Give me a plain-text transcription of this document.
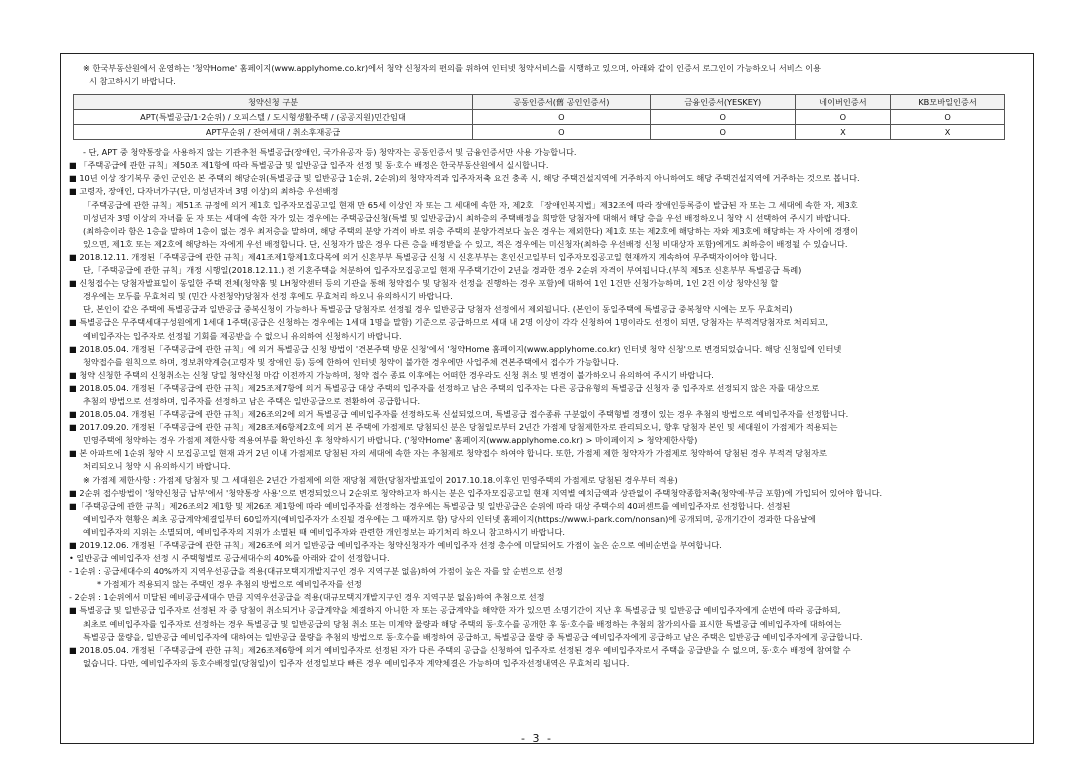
※ 한국부동산원에서 운영하는 '청약Home' 홈페이지(www.applyhome.co.kr)에서 청약 신청자의 편의를 위하여 인터넷 청약서비스를 시행하고 있으며, 아래와 같이 인증서 로그인이 가능하오니 서비스 이용
시 참고하시기 바랍니다.
청약신청 구분	공동인증서(舊 공인인증서)	금융인증서(YESKEY)	네이버인증서	KB모바일인증서
APT(특별공급/1·2순위) / 오피스텔 / 도시형생활주택 / (공공지원)민간임대	O	O	O	O
APT무순위 / 잔여세대 / 취소후재공급	O	O	X	X
- 단, APT 중 청약통장을 사용하지 않는 기관추천 특별공급(장애인, 국가유공자 등) 청약자는 공동인증서 및 금융인증서만 사용 가능합니다.
■ 「주택공급에 관한 규칙」제50조 제1항에 따라 특별공급 및 일반공급 입주자 선정 및 동·호수 배정은 한국부동산원에서 실시합니다.
■ 10년 이상 장기복무 중인 군인은 본 주택의 해당순위(특별공급 및 일반공급 1순위, 2순위)의 청약자격과 입주자저축 요건 충족 시, 해당 주택건설지역에 거주하지 아니하여도 해당 주택건설지역에 거주하는 것으로 봅니다.
■ 고령자, 장애인, 다자녀가구(단, 미성년자녀 3명 이상)의 최하층 우선배정
「주택공급에 관한 규칙」제51조 규정에 의거 제1호 입주자모집공고일 현재 만 65세 이상인 자 또는 그 세대에 속한 자, 제2호 「장애인복지법」제32조에 따라 장애인등록증이 발급된 자 또는 그 세대에 속한 자, 제3호
미성년자 3명 이상의 자녀를 둔 자 또는 세대에 속한 자가 있는 경우에는 주택공급신청(특별 및 일반공급)시 최하층의 주택배정을 희망한 당첨자에 대해서 해당 층을 우선 배정하오니 청약 시 선택하여 주시기 바랍니다.
(최하층이라 함은 1층을 말하며 1층이 없는 경우 최저층을 말하며, 해당 주택의 분양 가격이 바로 위층 주택의 분양가격보다 높은 경우는 제외한다) 제1호 또는 제2호에 해당하는 자와 제3호에 해당하는 자 사이에 경쟁이
있으면, 제1호 또는 제2호에 해당하는 자에게 우선 배정합니다. 단, 신청자가 많은 경우 다른 층을 배정받을 수 있고, 적은 경우에는 미신청자(최하층 우선배정 신청 비대상자 포함)에게도 최하층이 배정될 수 있습니다.
■ 2018.12.11. 개정된「주택공급에 관한 규칙」제41조제1항제1호다목에 의거 신혼부부 특별공급 신청 시 신혼부부는 혼인신고일부터 입주자모집공고일 현재까지 계속하여 무주택자이어야 합니다.
단,「주택공급에 관한 규칙」개정 시행일(2018.12.11.) 전 기혼주택을 처분하여 입주자모집공고일 현재 무주택기간이 2년을 경과한 경우 2순위 자격이 부여됩니다.(부칙 제5조 신혼부부 특별공급 특례)
■ 신청접수는 당첨자발표일이 동일한 주택 전체(청약홈 및 LH청약센터 등의 기관을 통해 청약접수 및 당첨자 선정을 진행하는 경우 포함)에 대하여 1인 1건만 신청가능하며, 1인 2건 이상 청약신청 할
경우에는 모두를 무효처리 및 (민간 사전청약)당첨자 선정 후에도 무효처리 하오니 유의하시기 바랍니다.
단, 본인이 같은 주택에 특별공급과 일반공급 중복신청이 가능하나 특별공급 당첨자로 선정될 경우 일반공급 당첨자 선정에서 제외됩니다. (본인이 동일주택에 특별공급 중복청약 시에는 모두 무효처리)
■ 특별공급은 무주택세대구성원에게 1세대 1주택(공급은 신청하는 경우에는 1세대 1명을 말함) 기준으로 공급하므로 세대 내 2명 이상이 각각 신청하여 1명이라도 선정이 되면, 당첨자는 부적격당첨자로 처리되고,
예비입주자는 입주자로 선정될 기회를 제공받을 수 없으니 유의하여 신청하시기 바랍니다.
■ 2018.05.04. 개정된「주택공급에 관한 규칙」에 의거 특별공급 신청 방법이 '견본주택 방문 신청'에서 '청약Home 홈페이지(www.applyhome.co.kr) 인터넷 청약 신청'으로 변경되었습니다. 해당 신청일에 인터넷
청약접수를 원칙으로 하며, 정보취약계층(고령자 및 장애인 등) 등에 한하여 인터넷 청약이 불가한 경우에만 사업주체 견본주택에서 접수가 가능합니다.
■ 청약 신청한 주택의 신청취소는 신청 당일 청약신청 마감 이전까지 가능하며, 청약 접수 종료 이후에는 어떠한 경우라도 신청 취소 및 변경이 불가하오니 유의하여 주시기 바랍니다.
■ 2018.05.04. 개정된「주택공급에 관한 규칙」제25조제7항에 의거 특별공급 대상 주택의 입주자를 선정하고 남은 주택의 입주자는 다른 공급유형의 특별공급 신청자 중 입주자로 선정되지 않은 자를 대상으로
추첨의 방법으로 선정하며, 입주자를 선정하고 남은 주택은 일반공급으로 전환하여 공급합니다.
■ 2018.05.04. 개정된「주택공급에 관한 규칙」제26조의2에 의거 특별공급 예비입주자를 선정하도록 신설되었으며, 특별공급 접수종류 구분없이 주택형별 경쟁이 있는 경우 추첨의 방법으로 예비입주자를 선정합니다.
■ 2017.09.20. 개정된「주택공급에 관한 규칙」제28조제6항제2호에 의거 본 주택에 가점제로 당첨되신 분은 당첨일로부터 2년간 가점제 당첨제한자로 관리되오니, 향후 당첨자 본인 및 세대원이 가점제가 적용되는
민영주택에 청약하는 경우 가점제 제한사항 적용여부를 확인하신 후 청약하시기 바랍니다. ('청약Home' 홈페이지(www.applyhome.co.kr) > 마이페이지 > 청약제한사항)
■ 본 아파트에 1순위 청약 시 모집공고일 현재 과거 2년 이내 가점제로 당첨된 자의 세대에 속한 자는 추첨제로 청약접수 하여야 합니다. 또한, 가점제 제한 청약자가 가점제로 청약하여 당첨된 경우 부적격 당첨자로
처리되오니 청약 시 유의하시기 바랍니다.
※ 가점제 제한사항 : 가점제 당첨자 및 그 세대원은 2년간 가점제에 의한 재당첨 제한(당첨자발표일이 2017.10.18.이후인 민영주택의 가점제로 당첨된 경우부터 적용)
■ 2순위 접수방법이 '청약신청금 납부'에서 '청약통장 사용'으로 변경되었으니 2순위로 청약하고자 하시는 분은 입주자모집공고일 현재 지역별 예치금액과 상관없이 주택청약종합저축(청약예·부금 포함)에 가입되어 있어야 합니다.
■「주택공급에 관한 규칙」제26조의2 제1항 및 제26조 제1항에 따라 예비입주자를 선정하는 경우에는 특별공급 및 일반공급은 순위에 따라 대상 주택수의 40퍼센트를 예비입주자로 선정합니다. 선정된
예비입주자 현황은 최초 공급계약체결일부터 60일까지(예비입주자가 소진될 경우에는 그 때까지로 함) 당사의 인터넷 홈페이지(https://www.i-park.com/nonsan)에 공개되며, 공개기간이 경과한 다음날에
예비입주자의 지위는 소멸되며, 예비입주자의 지위가 소멸된 때 예비입주자와 관련한 개인정보는 파기처리 하오니 참고하시기 바랍니다.
■ 2019.12.06. 개정된「주택공급에 관한 규칙」제26조에 의거 일반공급 예비입주자는 청약신청자가 예비입주자 선정 총수에 미달되어도 가점이 높은 순으로 예비순번을 부여합니다.
• 일반공급 예비입주자 선정 시 주택형별로 공급세대수의 40%를 아래와 같이 선정합니다.
- 1순위 : 공급세대수의 40%까지 지역우선공급을 적용(대규모택지개발지구인 경우 지역구분 없음)하여 가점이 높은 자를 앞 순번으로 선정
* 가점제가 적용되지 않는 주택인 경우 추첨의 방법으로 예비입주자를 선정
- 2순위 : 1순위에서 미달된 예비공급세대수 만큼 지역우선공급을 적용(대규모택지개발지구인 경우 지역구분 없음)하여 추첨으로 선정
■ 특별공급 및 일반공급 입주자로 선정된 자 중 당첨이 취소되거나 공급계약을 체결하지 아니한 자 또는 공급계약을 해약한 자가 있으면 소명기간이 지난 후 특별공급 및 일반공급 예비입주자에게 순번에 따라 공급하되,
최초로 예비입주자를 입주자로 선정하는 경우 특별공급 및 일반공급의 당첨 취소 또는 미계약 물량과 해당 주택의 동·호수를 공개한 후 동·호수를 배정하는 추첨의 참가의사를 표시한 특별공급 예비입주자에 대하여는
특별공급 물량을, 일반공급 예비입주자에 대하여는 일반공급 물량을 추첨의 방법으로 동·호수를 배정하여 공급하고, 특별공급 물량 중 특별공급 예비입주자에게 공급하고 남은 주택은 일반공급 예비입주자에게 공급합니다.
■ 2018.05.04. 개정된「주택공급에 관한 규칙」제26조제6항에 의거 예비입주자로 선정된 자가 다른 주택의 공급을 신청하여 입주자로 선정된 경우 예비입주자로서 주택을 공급받을 수 없으며, 동·호수 배정에 참여할 수
없습니다. 다만, 예비입주자의 동호수배정일(당첨일)이 입주자 선정일보다 빠른 경우 예비입주자 계약체결은 가능하며 입주자선정내역은 무효처리 됩니다.
- 3 -
